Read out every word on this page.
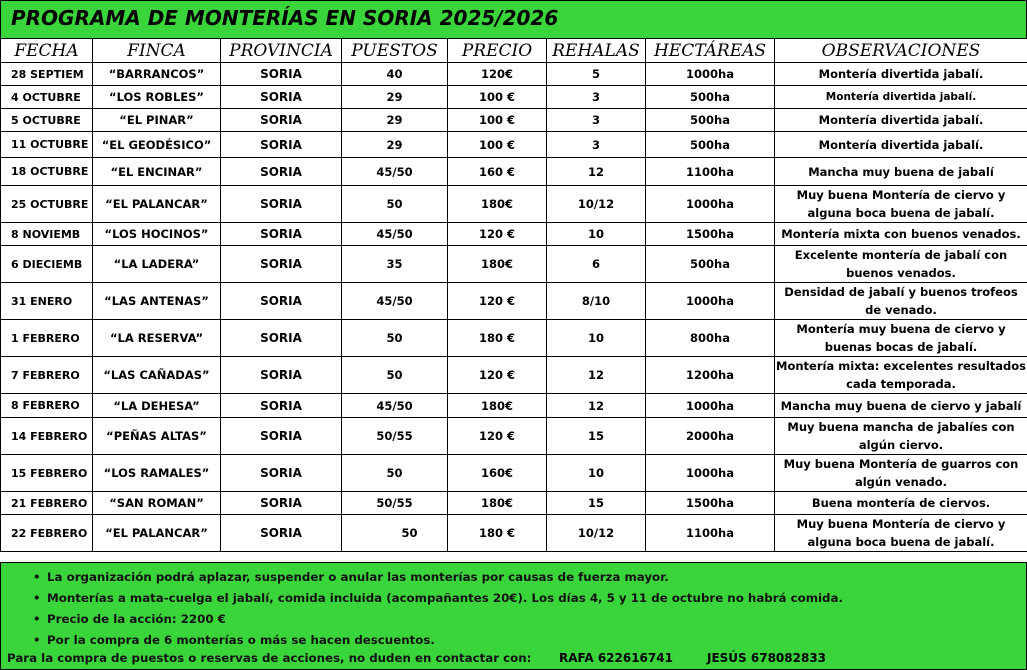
PROGRAMA DE MONTERÍAS EN SORIA 2025/2026
FECHA	FINCA	PROVINCIA	PUESTOS	PRECIO	REHALAS	HECTÁREAS	OBSERVACIONES
28 SEPTIEM	“BARRANCOS”	SORIA	40	120€	5	1000ha	Montería divertida jabalí.
4 OCTUBRE	“LOS ROBLES”	SORIA	29	100 €	3	500ha	Montería divertida jabalí.
5 OCTUBRE	“EL PINAR”	SORIA	29	100 €	3	500ha	Montería divertida jabalí.
11 OCTUBRE	“EL GEODÉSICO”	SORIA	29	100 €	3	500ha	Montería divertida jabalí.
18 OCTUBRE	“EL ENCINAR”	SORIA	45/50	160 €	12	1100ha	Mancha muy buena de jabalí
25 OCTUBRE	“EL PALANCAR”	SORIA	50	180€	10/12	1000ha	Muy buena Montería de ciervo y alguna boca buena de jabalí.
8 NOVIEMB	“LOS HOCINOS”	SORIA	45/50	120 €	10	1500ha	Montería mixta con buenos venados.
6 DIECIEMB	“LA LADERA”	SORIA	35	180€	6	500ha	Excelente montería de jabalí con buenos venados.
31 ENERO	“LAS ANTENAS”	SORIA	45/50	120 €	8/10	1000ha	Densidad de jabalí y buenos trofeos de venado.
1 FEBRERO	“LA RESERVA”	SORIA	50	180 €	10	800ha	Montería muy buena de ciervo y buenas bocas de jabalí.
7 FEBRERO	“LAS CAÑADAS”	SORIA	50	120 €	12	1200ha	Montería mixta: excelentes resultados cada temporada.
8 FEBRERO	“LA DEHESA”	SORIA	45/50	180€	12	1000ha	Mancha muy buena de ciervo y jabalí
14 FEBRERO	“PEÑAS ALTAS”	SORIA	50/55	120 €	15	2000ha	Muy buena mancha de jabalíes con algún ciervo.
15 FEBRERO	“LOS RAMALES”	SORIA	50	160€	10	1000ha	Muy buena Montería de guarros con algún venado.
21 FEBRERO	“SAN ROMAN”	SORIA	50/55	180€	15	1500ha	Buena montería de ciervos.
22 FEBRERO	“EL PALANCAR”	SORIA	50	180 €	10/12	1100ha	Muy buena Montería de ciervo y alguna boca buena de jabalí.
• La organización podrá aplazar, suspender o anular las monterías por causas de fuerza mayor.
• Monterías a mata-cuelga el jabalí, comida incluida (acompañantes 20€). Los días 4, 5 y 11 de octubre no habrá comida.
• Precio de la acción: 2200 €
• Por la compra de 6 monterías o más se hacen descuentos.
Para la compra de puestos o reservas de acciones, no duden en contactar con: RAFA 622616741	JESÚS 678082833
